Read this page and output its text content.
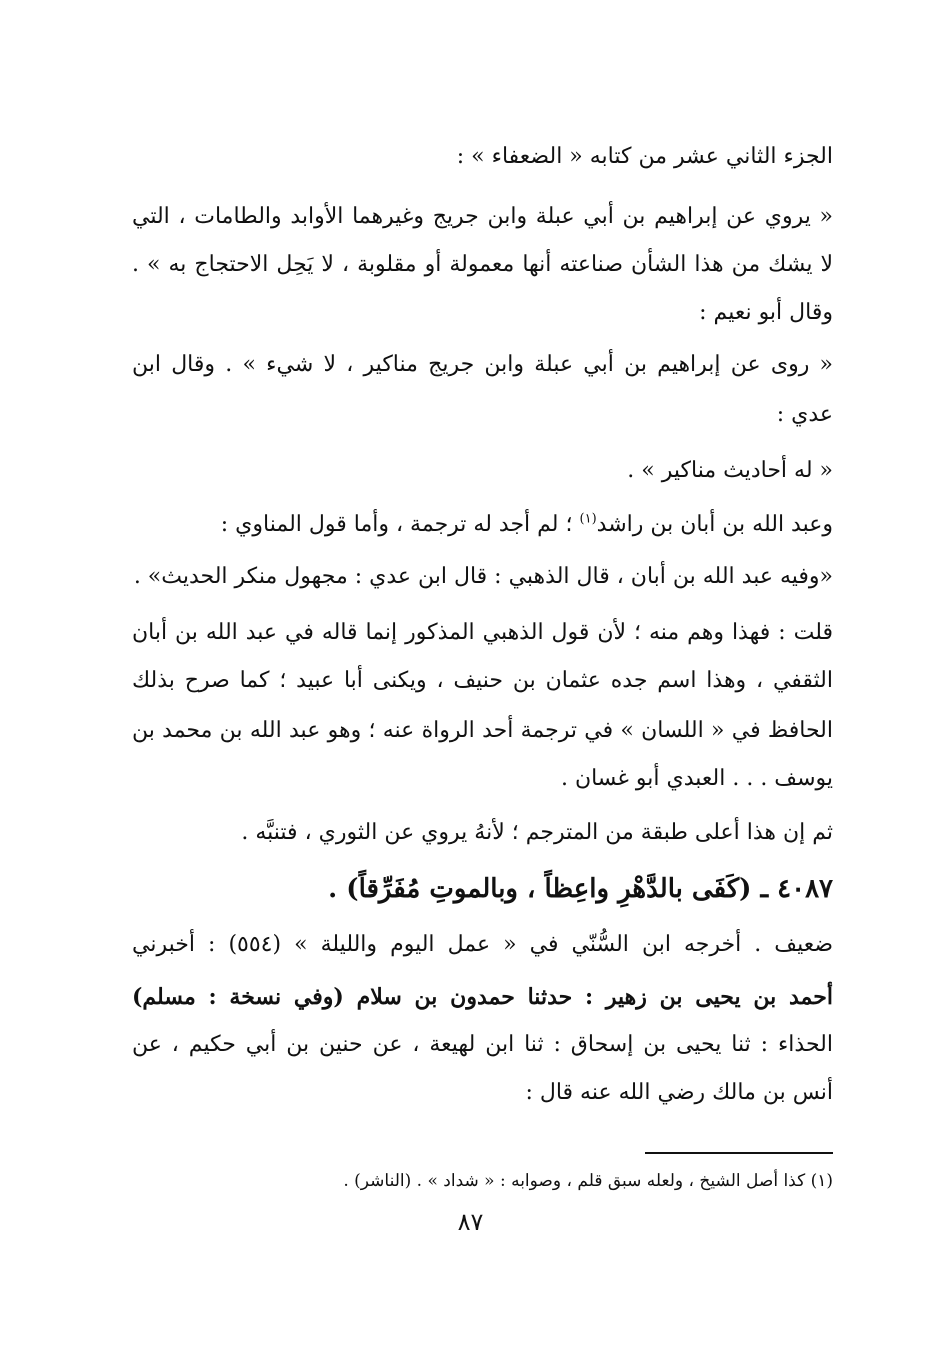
الجزء الثاني عشر من كتابه « الضعفاء » :
« يروي عن إبراهيم بن أبي عبلة وابن جريج وغيرهما الأوابد والطامات ، التي
لا يشك من هذا الشأن صناعته أنها معمولة أو مقلوبة ، لا يَحِل الاحتجاج به » .
وقال أبو نعيم :
« روى عن إبراهيم بن أبي عبلة وابن جريج مناكير ، لا شيء » . وقال ابن
عدي :
« له أحاديث مناكير » .
وعبد الله بن أبان بن راشد$^{(١)}$ ؛ لم أجد له ترجمة ، وأما قول المناوي :
«وفيه عبد الله بن أبان ، قال الذهبي : قال ابن عدي : مجهول منكر الحديث» .
قلت : فهذا وهم منه ؛ لأن قول الذهبي المذكور إنما قاله في عبد الله بن أبان
الثقفي ، وهذا اسم جده عثمان بن حنيف ، ويكنى أبا عبيد ؛ كما صرح بذلك
الحافظ في « اللسان » في ترجمة أحد الرواة عنه ؛ وهو عبد الله بن محمد بن
يوسف . . . العبدي أبو غسان .
ثم إن هذا أعلى طبقة من المترجم ؛ لأنهُ يروي عن الثوري ، فتنبَّه .
٤٠٨٧ ـ (كَفَى بالدَّهْرِ واعِظاً ، وبالموتِ مُفَرِّقاً) .
ضعيف . أخرجه ابن السُّنّي في « عمل اليوم والليلة » (٥٥٤) : أخبرني
أحمد بن يحيى بن زهير : حدثنا حمدون بن سلام (وفي نسخة : مسلم)
الحذاء : ثنا يحيى بن إسحاق : ثنا ابن لهيعة ، عن حنين بن أبي حكيم ، عن
أنس بن مالك رضي الله عنه قال :
(١) كذا أصل الشيخ ، ولعله سبق قلم ، وصوابه : « شداد » . (الناشر) .
٨٧
